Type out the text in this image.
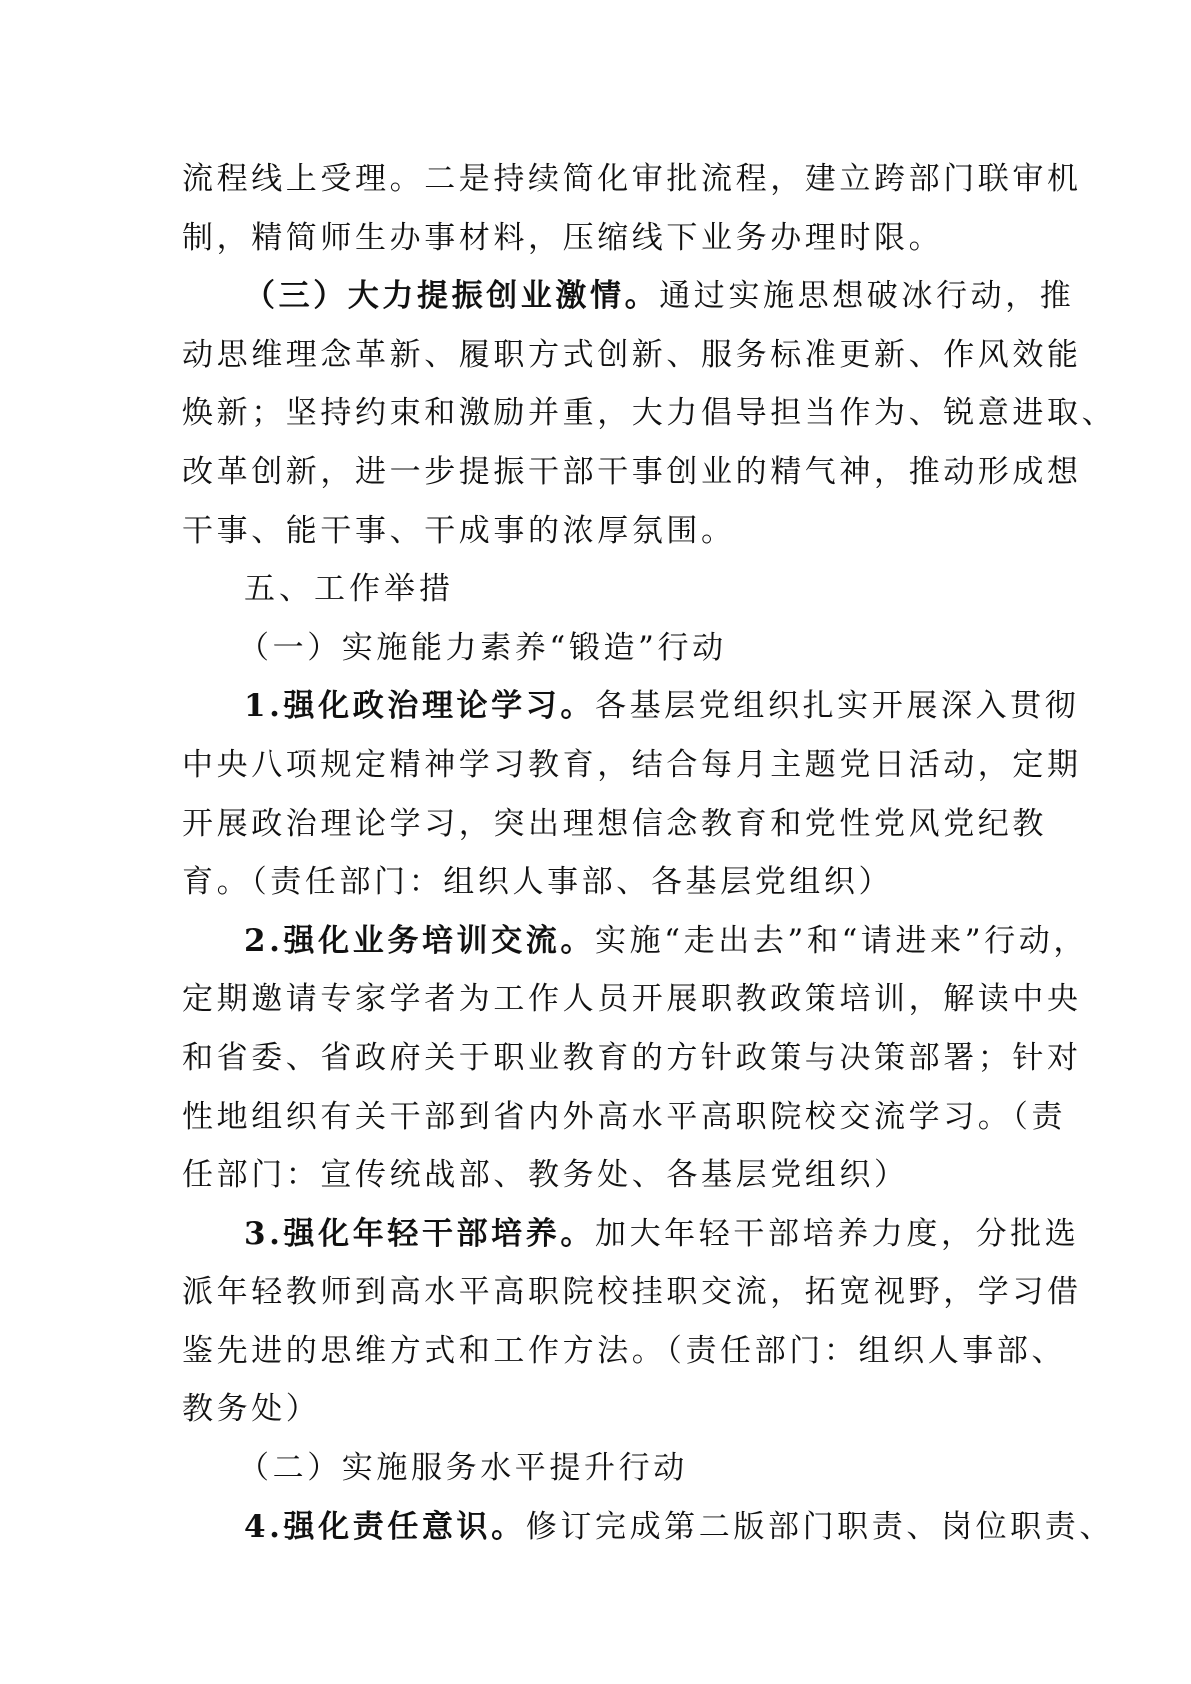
流程线上受理。二是持续简化审批流程，建立跨部门联审机
制，精简师生办事材料，压缩线下业务办理时限。
（三）大力提振创业激情。通过实施思想破冰行动，推
动思维理念革新、履职方式创新、服务标准更新、作风效能
焕新；坚持约束和激励并重，大力倡导担当作为、锐意进取、
改革创新，进一步提振干部干事创业的精气神，推动形成想
干事、能干事、干成事的浓厚氛围。
五、工作举措
（一）实施能力素养“锻造”行动
1.强化政治理论学习。各基层党组织扎实开展深入贯彻
中央八项规定精神学习教育，结合每月主题党日活动，定期
开展政治理论学习，突出理想信念教育和党性党风党纪教
育。（责任部门：组织人事部、各基层党组织）
2.强化业务培训交流。实施“走出去”和“请进来”行动，
定期邀请专家学者为工作人员开展职教政策培训，解读中央
和省委、省政府关于职业教育的方针政策与决策部署；针对
性地组织有关干部到省内外高水平高职院校交流学习。（责
任部门：宣传统战部、教务处、各基层党组织）
3.强化年轻干部培养。加大年轻干部培养力度，分批选
派年轻教师到高水平高职院校挂职交流，拓宽视野，学习借
鉴先进的思维方式和工作方法。（责任部门：组织人事部、
教务处）
（二）实施服务水平提升行动
4.强化责任意识。修订完成第二版部门职责、岗位职责、
